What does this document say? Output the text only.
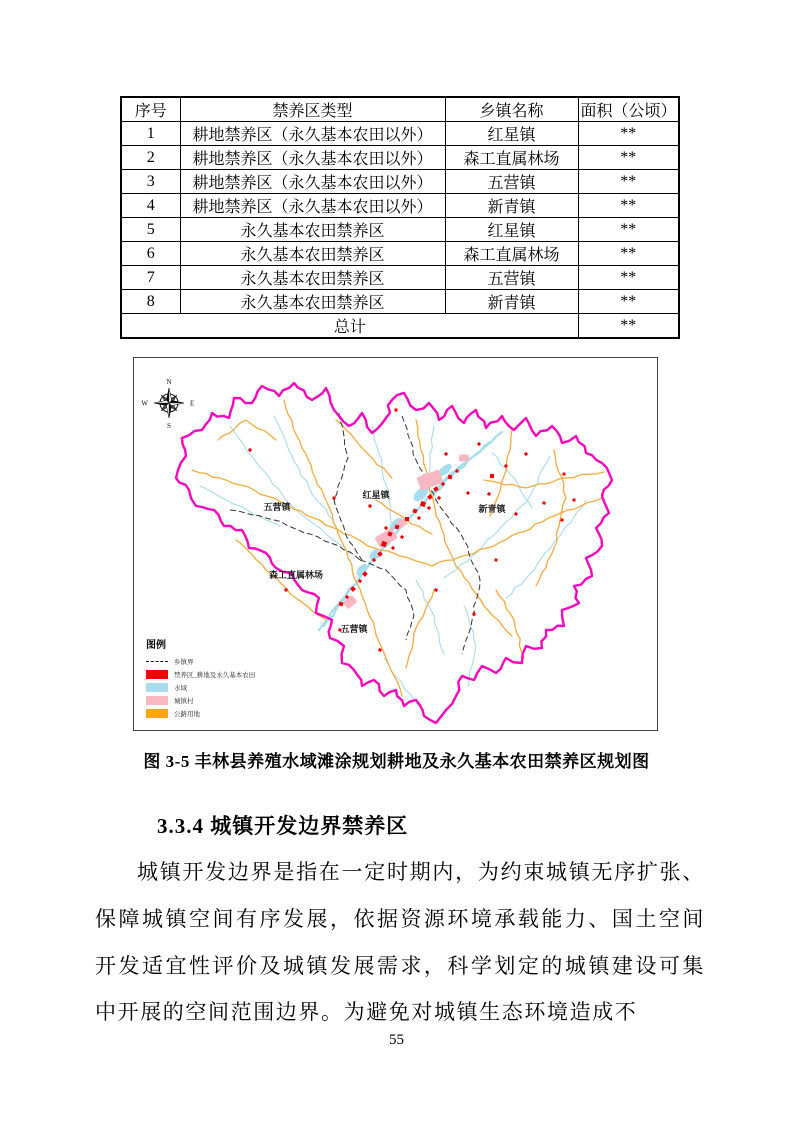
序号	禁养区类型	乡镇名称	面积（公顷）
1	耕地禁养区（永久基本农田以外）	红星镇	**
2	耕地禁养区（永久基本农田以外）	森工直属林场	**
3	耕地禁养区（永久基本农田以外）	五营镇	**
4	耕地禁养区（永久基本农田以外）	新青镇	**
5	永久基本农田禁养区	红星镇	**
6	永久基本农田禁养区	森工直属林场	**
7	永久基本农田禁养区	五营镇	**
8	永久基本农田禁养区	新青镇	**
总计			**
五营镇
红星镇
新青镇
森工直属林场
五营镇
N
S
W	E
图例
乡镇界
禁养区_耕地及永久基本农田
水域
城镇村
公路用地
图 3-5 丰林县养殖水域滩涂规划耕地及永久基本农田禁养区规划图
3.3.4 城镇开发边界禁养区
城镇开发边界是指在一定时期内，为约束城镇无序扩张、保障城镇空间有序发展，依据资源环境承载能力、国土空间开发适宜性评价及城镇发展需求，科学划定的城镇建设可集中开展的空间范围边界。为避免对城镇生态环境造成不
55
